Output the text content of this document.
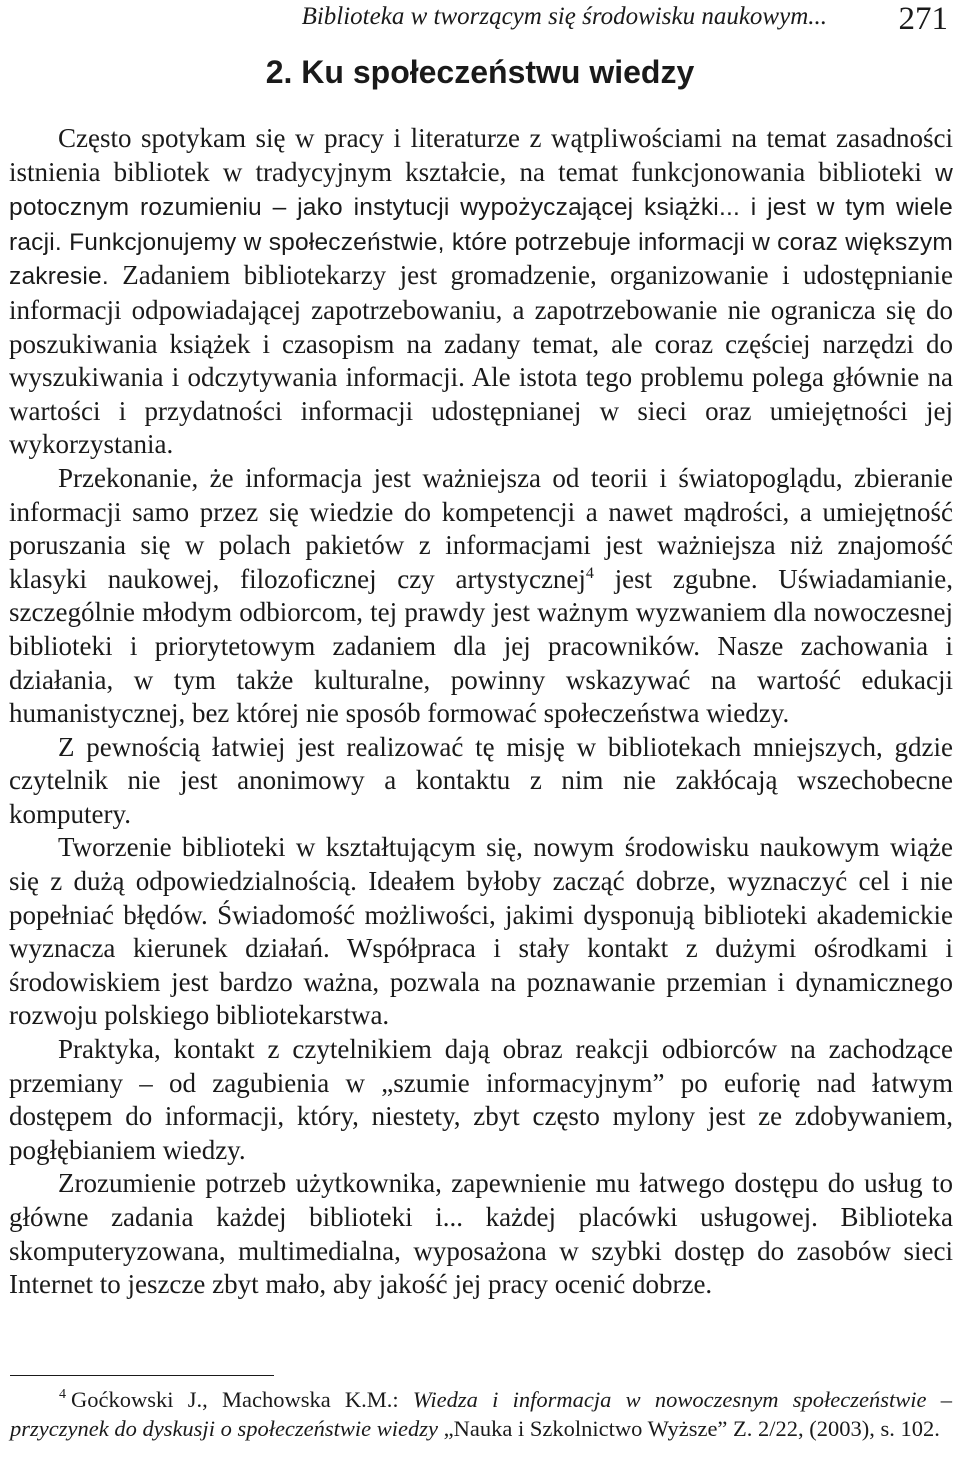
Biblioteka w tworzącym się środowisku naukowym... 271
2. Ku społeczeństwu wiedzy

Często spotykam się w pracy i literaturze z wątpliwościami na temat zasadności istnienia bibliotek w tradycyjnym kształcie, na temat funkcjonowania biblioteki w potocznym rozumieniu – jako instytucji wypożyczającej książki... i jest w tym wiele racji. Funkcjonujemy w społeczeństwie, które potrzebuje informacji w coraz większym zakresie. Zadaniem bibliotekarzy jest gromadzenie, organizowanie i udostępnianie informacji odpowiadającej zapotrzebowaniu, a zapotrzebowanie nie ogranicza się do poszukiwania książek i czasopism na zadany temat, ale coraz częściej narzędzi do wyszukiwania i odczytywania informacji. Ale istota tego problemu polega głównie na wartości i przydatności informacji udostępnianej w sieci oraz umiejętności jej wykorzystania.

Przekonanie, że informacja jest ważniejsza od teorii i światopoglądu, zbieranie informacji samo przez się wiedzie do kompetencji a nawet mądrości, a umiejętność poruszania się w polach pakietów z informacjami jest ważniejsza niż znajomość klasyki naukowej, filozoficznej czy artystycznej$^4$ jest zgubne. Uświadamianie, szczególnie młodym odbiorcom, tej prawdy jest ważnym wyzwaniem dla nowoczesnej biblioteki i priorytetowym zadaniem dla jej pracowników. Nasze zachowania i działania, w tym także kulturalne, powinny wskazywać na wartość edukacji humanistycznej, bez której nie sposób formować społeczeństwa wiedzy.

Z pewnością łatwiej jest realizować tę misję w bibliotekach mniejszych, gdzie czytelnik nie jest anonimowy a kontaktu z nim nie zakłócają wszechobecne komputery.

Tworzenie biblioteki w kształtującym się, nowym środowisku naukowym wiąże się z dużą odpowiedzialnością. Ideałem byłoby zacząć dobrze, wyznaczyć cel i nie popełniać błędów. Świadomość możliwości, jakimi dysponują biblioteki akademickie wyznacza kierunek działań. Współpraca i stały kontakt z dużymi ośrodkami i środowiskiem jest bardzo ważna, pozwala na poznawanie przemian i dynamicznego rozwoju polskiego bibliotekarstwa.

Praktyka, kontakt z czytelnikiem dają obraz reakcji odbiorców na zachodzące przemiany – od zagubienia w „szumie informacyjnym” po euforię nad łatwym dostępem do informacji, który, niestety, zbyt często mylony jest ze zdobywaniem, pogłębianiem wiedzy.

Zrozumienie potrzeb użytkownika, zapewnienie mu łatwego dostępu do usług to główne zadania każdej biblioteki i... każdej placówki usługowej. Biblioteka skomputeryzowana, multimedialna, wyposażona w szybki dostęp do zasobów sieci Internet to jeszcze zbyt mało, aby jakość jej pracy ocenić dobrze.

$^4$ Goćkowski J., Machowska K.M.: Wiedza i informacja w nowoczesnym społeczeństwie – przyczynek do dyskusji o społeczeństwie wiedzy „Nauka i Szkolnictwo Wyższe” Z. 2/22, (2003), s. 102.
